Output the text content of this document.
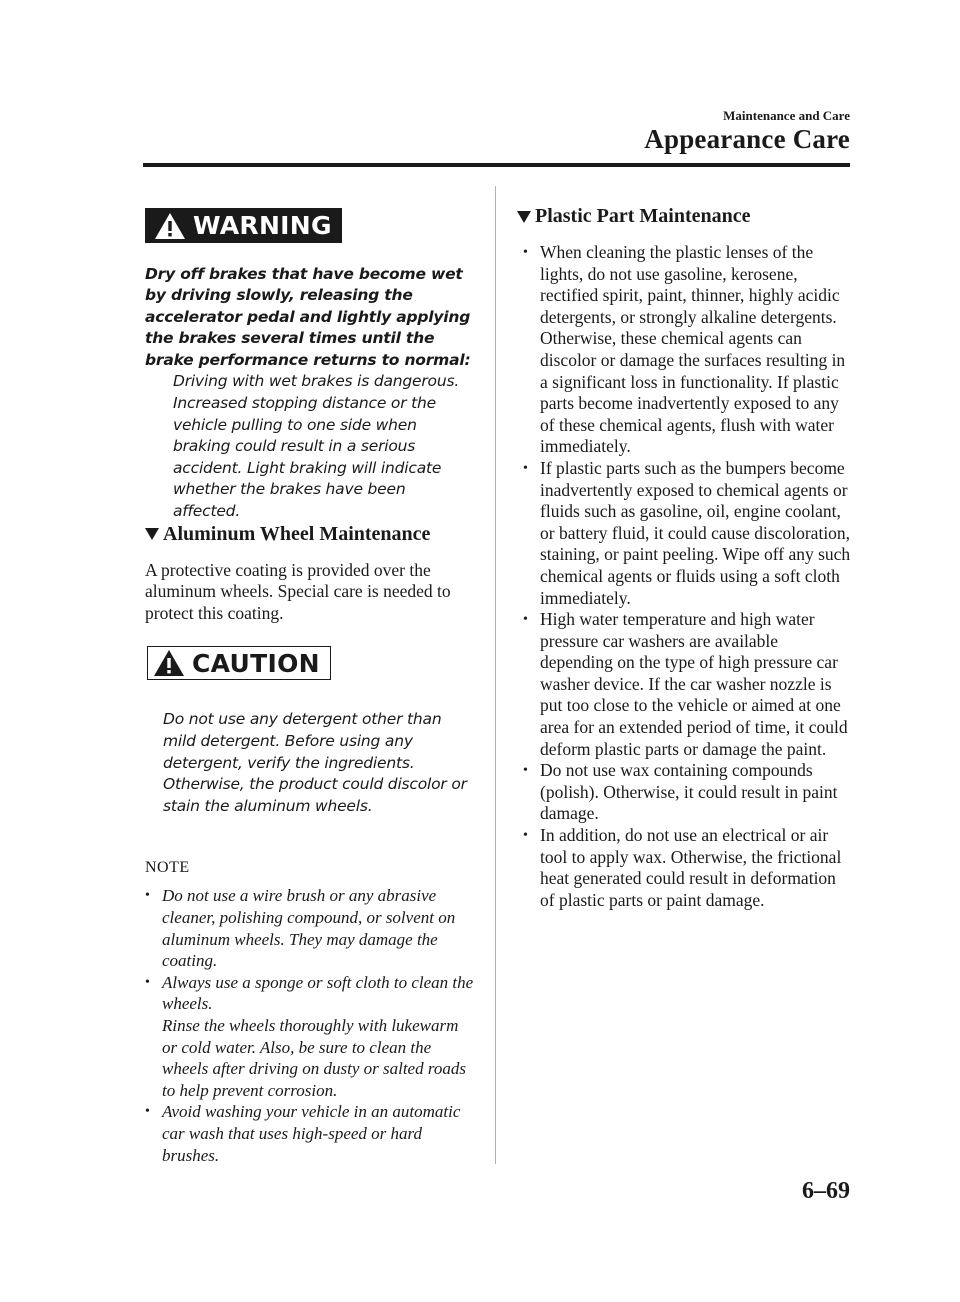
Maintenance and Care
Appearance Care
WARNING
Dry off brakes that have become wet by driving slowly, releasing the accelerator pedal and lightly applying the brakes several times until the brake performance returns to normal:
Driving with wet brakes is dangerous. Increased stopping distance or the vehicle pulling to one side when braking could result in a serious accident. Light braking will indicate whether the brakes have been affected.
Aluminum Wheel Maintenance
A protective coating is provided over the aluminum wheels. Special care is needed to protect this coating.
CAUTION
Do not use any detergent other than mild detergent. Before using any detergent, verify the ingredients. Otherwise, the product could discolor or stain the aluminum wheels.
NOTE
• Do not use a wire brush or any abrasive cleaner, polishing compound, or solvent on aluminum wheels. They may damage the coating.
• Always use a sponge or soft cloth to clean the wheels.
Rinse the wheels thoroughly with lukewarm or cold water. Also, be sure to clean the wheels after driving on dusty or salted roads to help prevent corrosion.
• Avoid washing your vehicle in an automatic car wash that uses high-speed or hard brushes.
Plastic Part Maintenance
• When cleaning the plastic lenses of the lights, do not use gasoline, kerosene, rectified spirit, paint, thinner, highly acidic detergents, or strongly alkaline detergents. Otherwise, these chemical agents can discolor or damage the surfaces resulting in a significant loss in functionality. If plastic parts become inadvertently exposed to any of these chemical agents, flush with water immediately.
• If plastic parts such as the bumpers become inadvertently exposed to chemical agents or fluids such as gasoline, oil, engine coolant, or battery fluid, it could cause discoloration, staining, or paint peeling. Wipe off any such chemical agents or fluids using a soft cloth immediately.
• High water temperature and high water pressure car washers are available depending on the type of high pressure car washer device. If the car washer nozzle is put too close to the vehicle or aimed at one area for an extended period of time, it could deform plastic parts or damage the paint.
• Do not use wax containing compounds (polish). Otherwise, it could result in paint damage.
• In addition, do not use an electrical or air tool to apply wax. Otherwise, the frictional heat generated could result in deformation of plastic parts or paint damage.
6–69
